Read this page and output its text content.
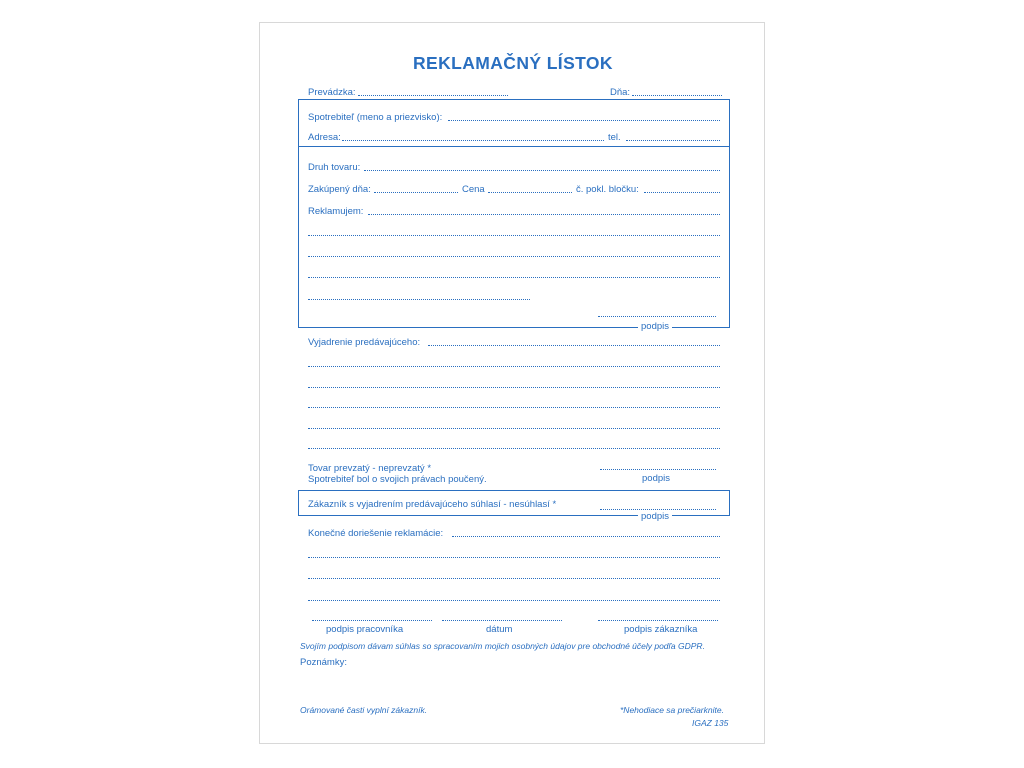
REKLAMAČNÝ LÍSTOK
Prevádzka:	Dňa:
Spotrebiteľ (meno a priezvisko):
Adresa:	tel.
Druh tovaru:
Zakúpený dňa:	Cena	č. pokl. bločku:
Reklamujem:
podpis
Vyjadrenie predávajúceho:
Tovar prevzatý - neprevzatý *
Spotrebiteľ bol o svojich právach poučený.	podpis
Zákazník s vyjadrením predávajúceho súhlasí - nesúhlasí *
podpis
Konečné doriešenie reklamácie:
podpis pracovníka	dátum	podpis zákazníka
Svojím podpisom dávam súhlas so spracovaním mojich osobných údajov pre obchodné účely podľa GDPR.
Poznámky:
Orámované časti vyplní zákazník.	*Nehodiace sa prečiarknite.
IGAZ 135
